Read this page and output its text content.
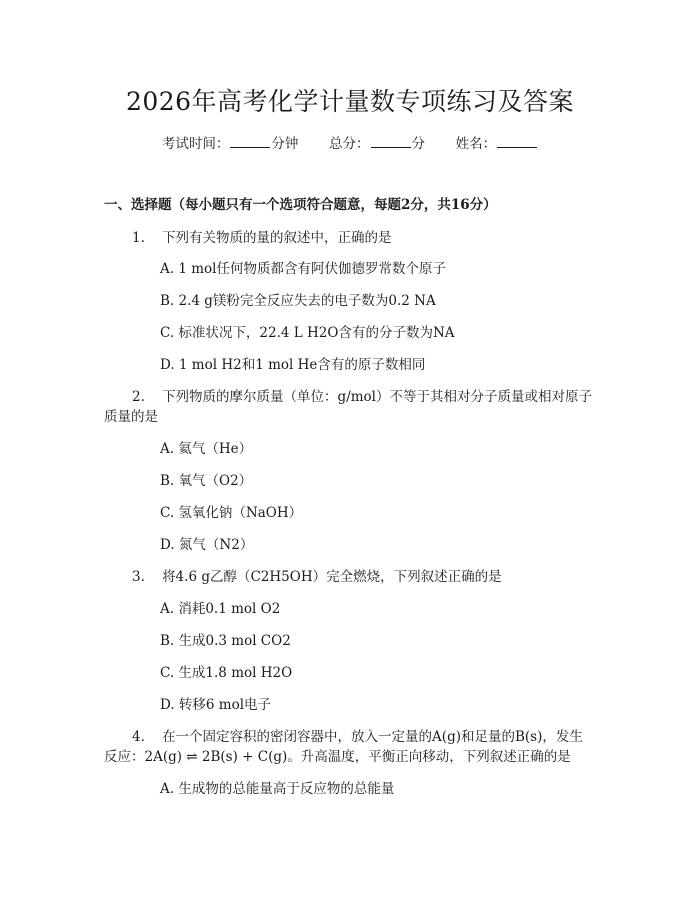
2026年高考化学计量数专项练习及答案
考试时间：	分钟 总分：	分 姓名：
一、选择题（每小题只有一个选项符合题意，每题2分，共16分）
1. 下列有关物质的量的叙述中，正确的是
A. 1 mol任何物质都含有阿伏伽德罗常数个原子
B. 2.4 g镁粉完全反应失去的电子数为0.2 NA
C. 标准状况下，22.4 L H2O含有的分子数为NA
D. 1 mol H2和1 mol He含有的原子数相同
2. 下列物质的摩尔质量（单位：g/mol）不等于其相对分子质量或相对原子
质量的是
A. 氦气（He）
B. 氧气（O2）
C. 氢氧化钠（NaOH）
D. 氮气（N2）
3. 将4.6 g乙醇（C2H5OH）完全燃烧，下列叙述正确的是
A. 消耗0.1 mol O2
B. 生成0.3 mol CO2
C. 生成1.8 mol H2O
D. 转移6 mol电子
4. 在一个固定容积的密闭容器中，放入一定量的A(g)和足量的B(s)，发生
反应：2A(g) ⇌ 2B(s) + C(g)。升高温度，平衡正向移动，下列叙述正确的是
A. 生成物的总能量高于反应物的总能量
